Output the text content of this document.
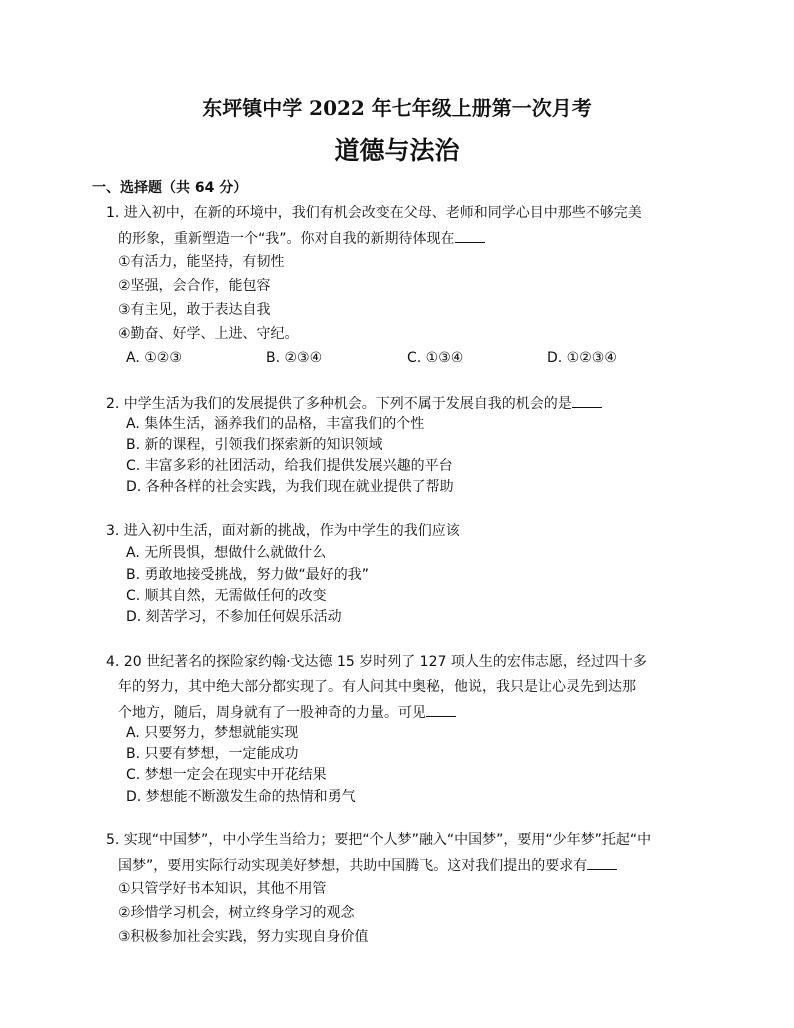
东坪镇中学 2022 年七年级上册第一次月考
道德与法治
一、选择题（共 64 分）
1. 进入初中，在新的环境中，我们有机会改变在父母、老师和同学心目中那些不够完美
的形象，重新塑造一个“我”。你对自我的新期待体现在
①有活力，能坚持，有韧性
②坚强，会合作，能包容
③有主见，敢于表达自我
④勤奋、好学、上进、守纪。
A. ①②③	B. ②③④	C. ①③④	D. ①②③④
2. 中学生活为我们的发展提供了多种机会。下列不属于发展自我的机会的是
A. 集体生活，涵养我们的品格，丰富我们的个性
B. 新的课程，引领我们探索新的知识领域
C. 丰富多彩的社团活动，给我们提供发展兴趣的平台
D. 各种各样的社会实践，为我们现在就业提供了帮助
3. 进入初中生活，面对新的挑战，作为中学生的我们应该
A. 无所畏惧，想做什么就做什么
B. 勇敢地接受挑战，努力做“最好的我”
C. 顺其自然，无需做任何的改变
D. 刻苦学习，不参加任何娱乐活动
4. 20 世纪著名的探险家约翰·戈达德 15 岁时列了 127 项人生的宏伟志愿，经过四十多
年的努力，其中绝大部分都实现了。有人问其中奥秘，他说，我只是让心灵先到达那
个地方，随后，周身就有了一股神奇的力量。可见
A. 只要努力，梦想就能实现
B. 只要有梦想，一定能成功
C. 梦想一定会在现实中开花结果
D. 梦想能不断激发生命的热情和勇气
5. 实现“中国梦”，中小学生当给力；要把“个人梦”融入“中国梦”，要用“少年梦”托起“中
国梦”，要用实际行动实现美好梦想，共助中国腾飞。这对我们提出的要求有
①只管学好书本知识，其他不用管
②珍惜学习机会，树立终身学习的观念
③积极参加社会实践，努力实现自身价值
